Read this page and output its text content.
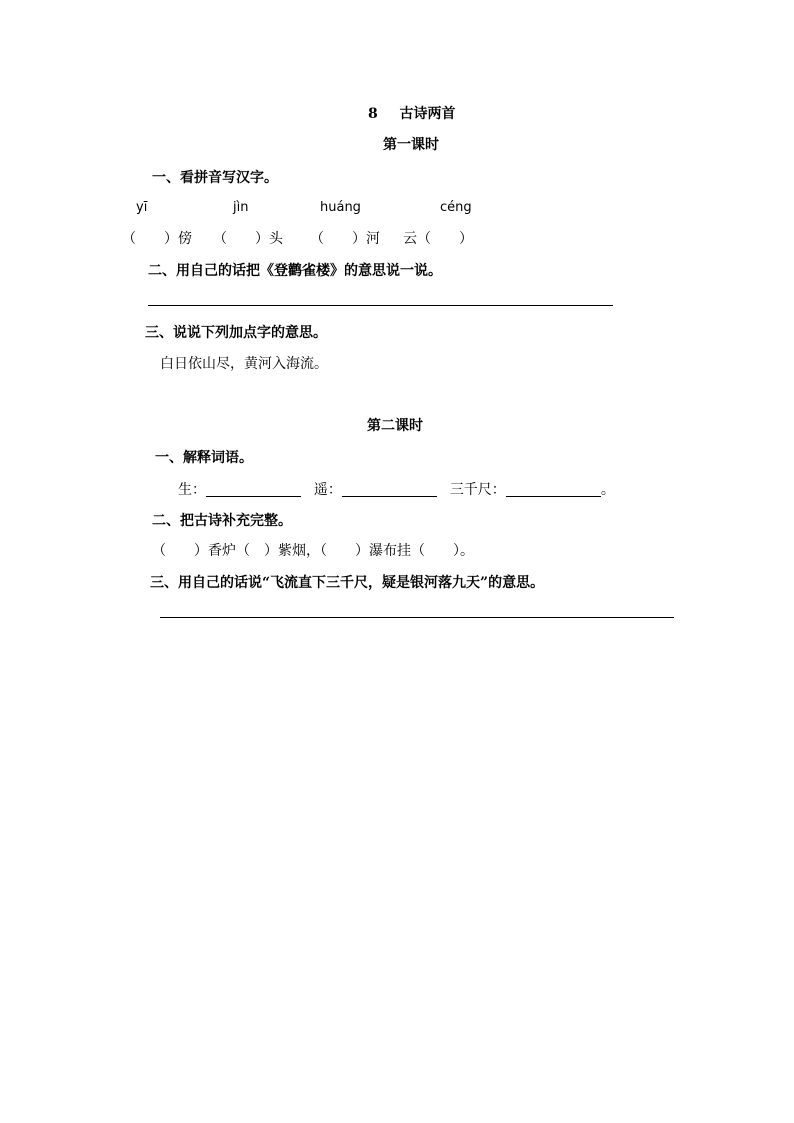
8 古诗两首
第一课时
一、看拼音写汉字。
yī	jìn	huáng	céng
（　　）傍 （　　）头 （　　）河 云（　　）
二、用自己的话把《登鹳雀楼》的意思说一说。
三、说说下列加点字的意思。
白日依山尽，黄河入海流。
第二课时
一、解释词语。
生：	遥：	三千尺：	。
二、把古诗补充完整。
（　　）香炉（　）紫烟，（　　）瀑布挂（　　）。
三、用自己的话说“飞流直下三千尺，疑是银河落九天”的意思。
